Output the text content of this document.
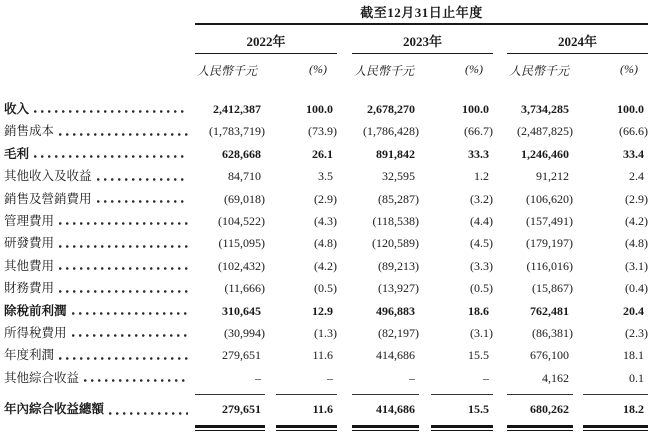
截至12月31日止年度
2022年	2023年	2024年
人民幣千元	(%)	人民幣千元	(%)	人民幣千元	(%)
收入	2,412,387	100.0	2,678,270	100.0	3,734,285	100.0
銷售成本	(1,783,719)	(73.9)	(1,786,428)	(66.7)	(2,487,825)	(66.6)
毛利	628,668	26.1	891,842	33.3	1,246,460	33.4
其他收入及收益	84,710	3.5	32,595	1.2	91,212	2.4
銷售及營銷費用	(69,018)	(2.9)	(85,287)	(3.2)	(106,620)	(2.9)
管理費用	(104,522)	(4.3)	(118,538)	(4.4)	(157,491)	(4.2)
研發費用	(115,095)	(4.8)	(120,589)	(4.5)	(179,197)	(4.8)
其他費用	(102,432)	(4.2)	(89,213)	(3.3)	(116,016)	(3.1)
財務費用	(11,666)	(0.5)	(13,927)	(0.5)	(15,867)	(0.4)
除稅前利潤	310,645	12.9	496,883	18.6	762,481	20.4
所得稅費用	(30,994)	(1.3)	(82,197)	(3.1)	(86,381)	(2.3)
年度利潤	279,651	11.6	414,686	15.5	676,100	18.1
其他綜合收益	–	–	–	–	4,162	0.1
年內綜合收益總額	279,651	11.6	414,686	15.5	680,262	18.2
